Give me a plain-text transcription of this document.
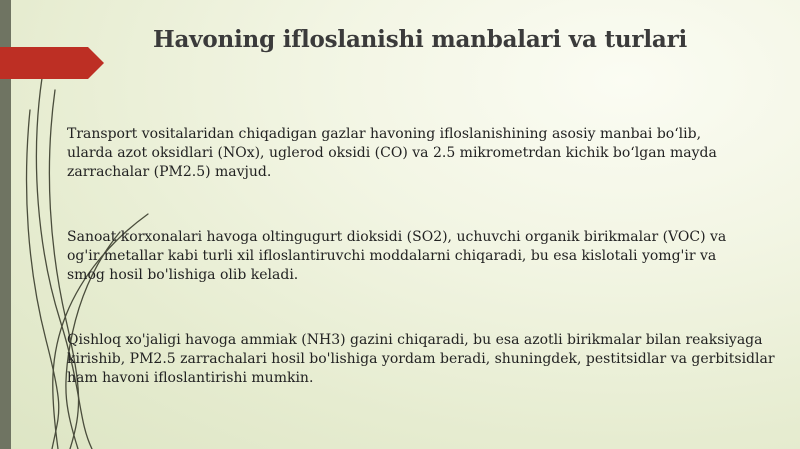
Havoning ifloslanishi manbalari va turlari

Transport vositalaridan chiqadigan gazlar havoning ifloslanishining asosiy manbai bo‘lib, ularda azot oksidlari (NOx), uglerod oksidi (CO) va 2.5 mikrometrdan kichik bo‘lgan mayda zarrachalar (PM2.5) mavjud.

Sanoat korxonalari havoga oltingugurt dioksidi (SO2), uchuvchi organik birikmalar (VOC) va og'ir metallar kabi turli xil ifloslantiruvchi moddalarni chiqaradi, bu esa kislotali yomg'ir va smog hosil bo'lishiga olib keladi.

Qishloq xo'jaligi havoga ammiak (NH3) gazini chiqaradi, bu esa azotli birikmalar bilan reaksiyaga kirishib, PM2.5 zarrachalari hosil bo'lishiga yordam beradi, shuningdek, pestitsidlar va gerbitsidlar ham havoni ifloslantirishi mumkin.
